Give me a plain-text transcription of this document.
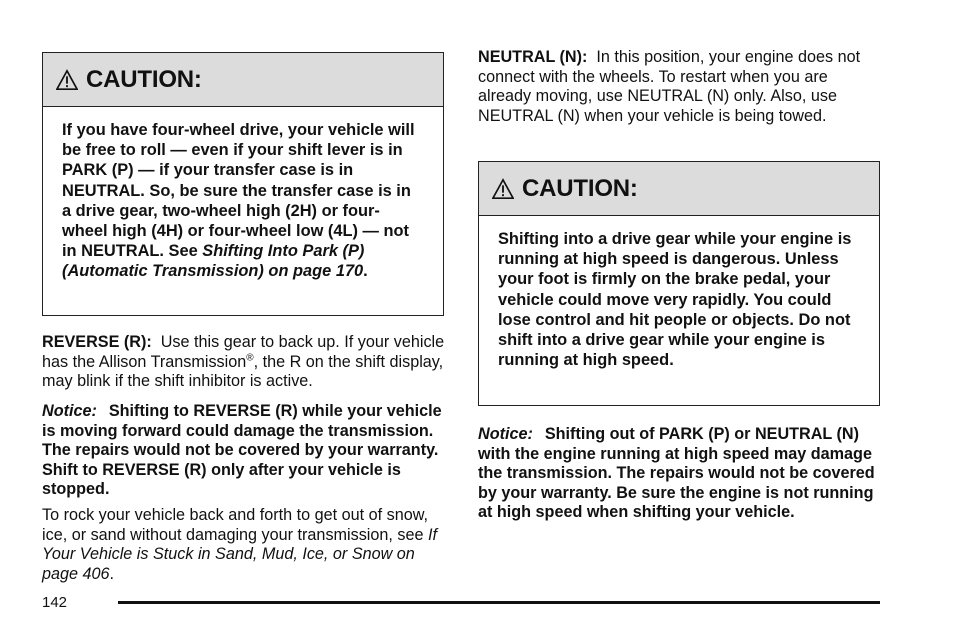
CAUTION:
If you have four-wheel drive, your vehicle will be free to roll — even if your shift lever is in PARK (P) — if your transfer case is in NEUTRAL. So, be sure the transfer case is in a drive gear, two-wheel high (2H) or four-wheel high (4H) or four-wheel low (4L) — not in NEUTRAL. See Shifting Into Park (P) (Automatic Transmission) on page 170.

REVERSE (R): Use this gear to back up. If your vehicle has the Allison Transmission®, the R on the shift display, may blink if the shift inhibitor is active.

Notice: Shifting to REVERSE (R) while your vehicle is moving forward could damage the transmission. The repairs would not be covered by your warranty. Shift to REVERSE (R) only after your vehicle is stopped.

To rock your vehicle back and forth to get out of snow, ice, or sand without damaging your transmission, see If Your Vehicle is Stuck in Sand, Mud, Ice, or Snow on page 406.

NEUTRAL (N): In this position, your engine does not connect with the wheels. To restart when you are already moving, use NEUTRAL (N) only. Also, use NEUTRAL (N) when your vehicle is being towed.

CAUTION:
Shifting into a drive gear while your engine is running at high speed is dangerous. Unless your foot is firmly on the brake pedal, your vehicle could move very rapidly. You could lose control and hit people or objects. Do not shift into a drive gear while your engine is running at high speed.

Notice: Shifting out of PARK (P) or NEUTRAL (N) with the engine running at high speed may damage the transmission. The repairs would not be covered by your warranty. Be sure the engine is not running at high speed when shifting your vehicle.

142
